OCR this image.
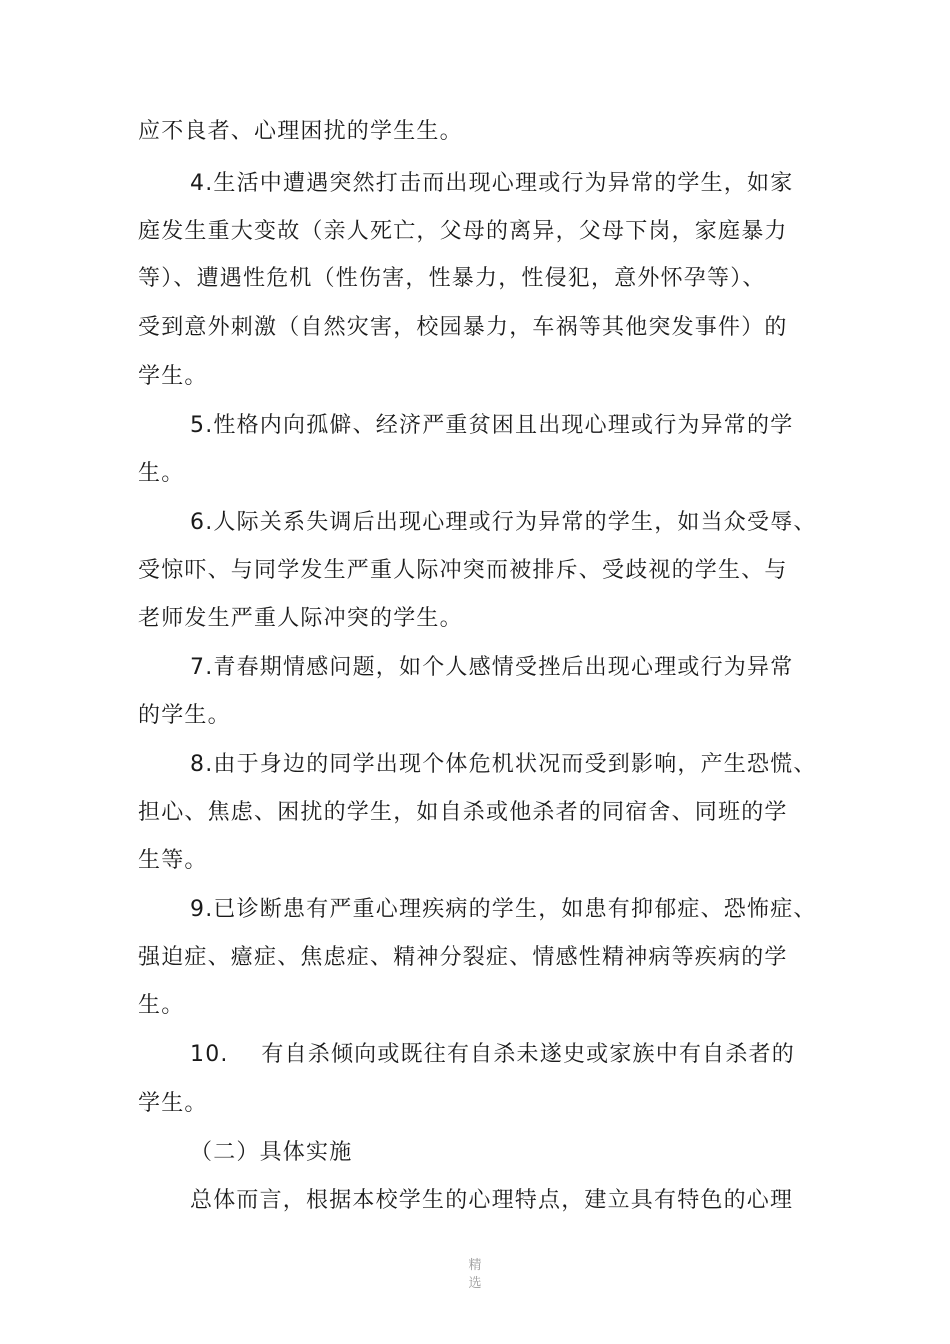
应不良者、心理困扰的学生生。
4.生活中遭遇突然打击而出现心理或行为异常的学生，如家
庭发生重大变故（亲人死亡，父母的离异，父母下岗，家庭暴力
等）、遭遇性危机（性伤害，性暴力，性侵犯，意外怀孕等）、
受到意外刺激（自然灾害，校园暴力，车祸等其他突发事件）的
学生。
5.性格内向孤僻、经济严重贫困且出现心理或行为异常的学
生。
6.人际关系失调后出现心理或行为异常的学生，如当众受辱、
受惊吓、与同学发生严重人际冲突而被排斥、受歧视的学生、与
老师发生严重人际冲突的学生。
7.青春期情感问题，如个人感情受挫后出现心理或行为异常
的学生。
8.由于身边的同学出现个体危机状况而受到影响，产生恐慌、
担心、焦虑、困扰的学生，如自杀或他杀者的同宿舍、同班的学
生等。
9.已诊断患有严重心理疾病的学生，如患有抑郁症、恐怖症、
强迫症、癔症、焦虑症、精神分裂症、情感性精神病等疾病的学
生。
10.    有自杀倾向或既往有自杀未遂史或家族中有自杀者的
学生。
（二）具体实施
总体而言，根据本校学生的心理特点，建立具有特色的心理
精
选
